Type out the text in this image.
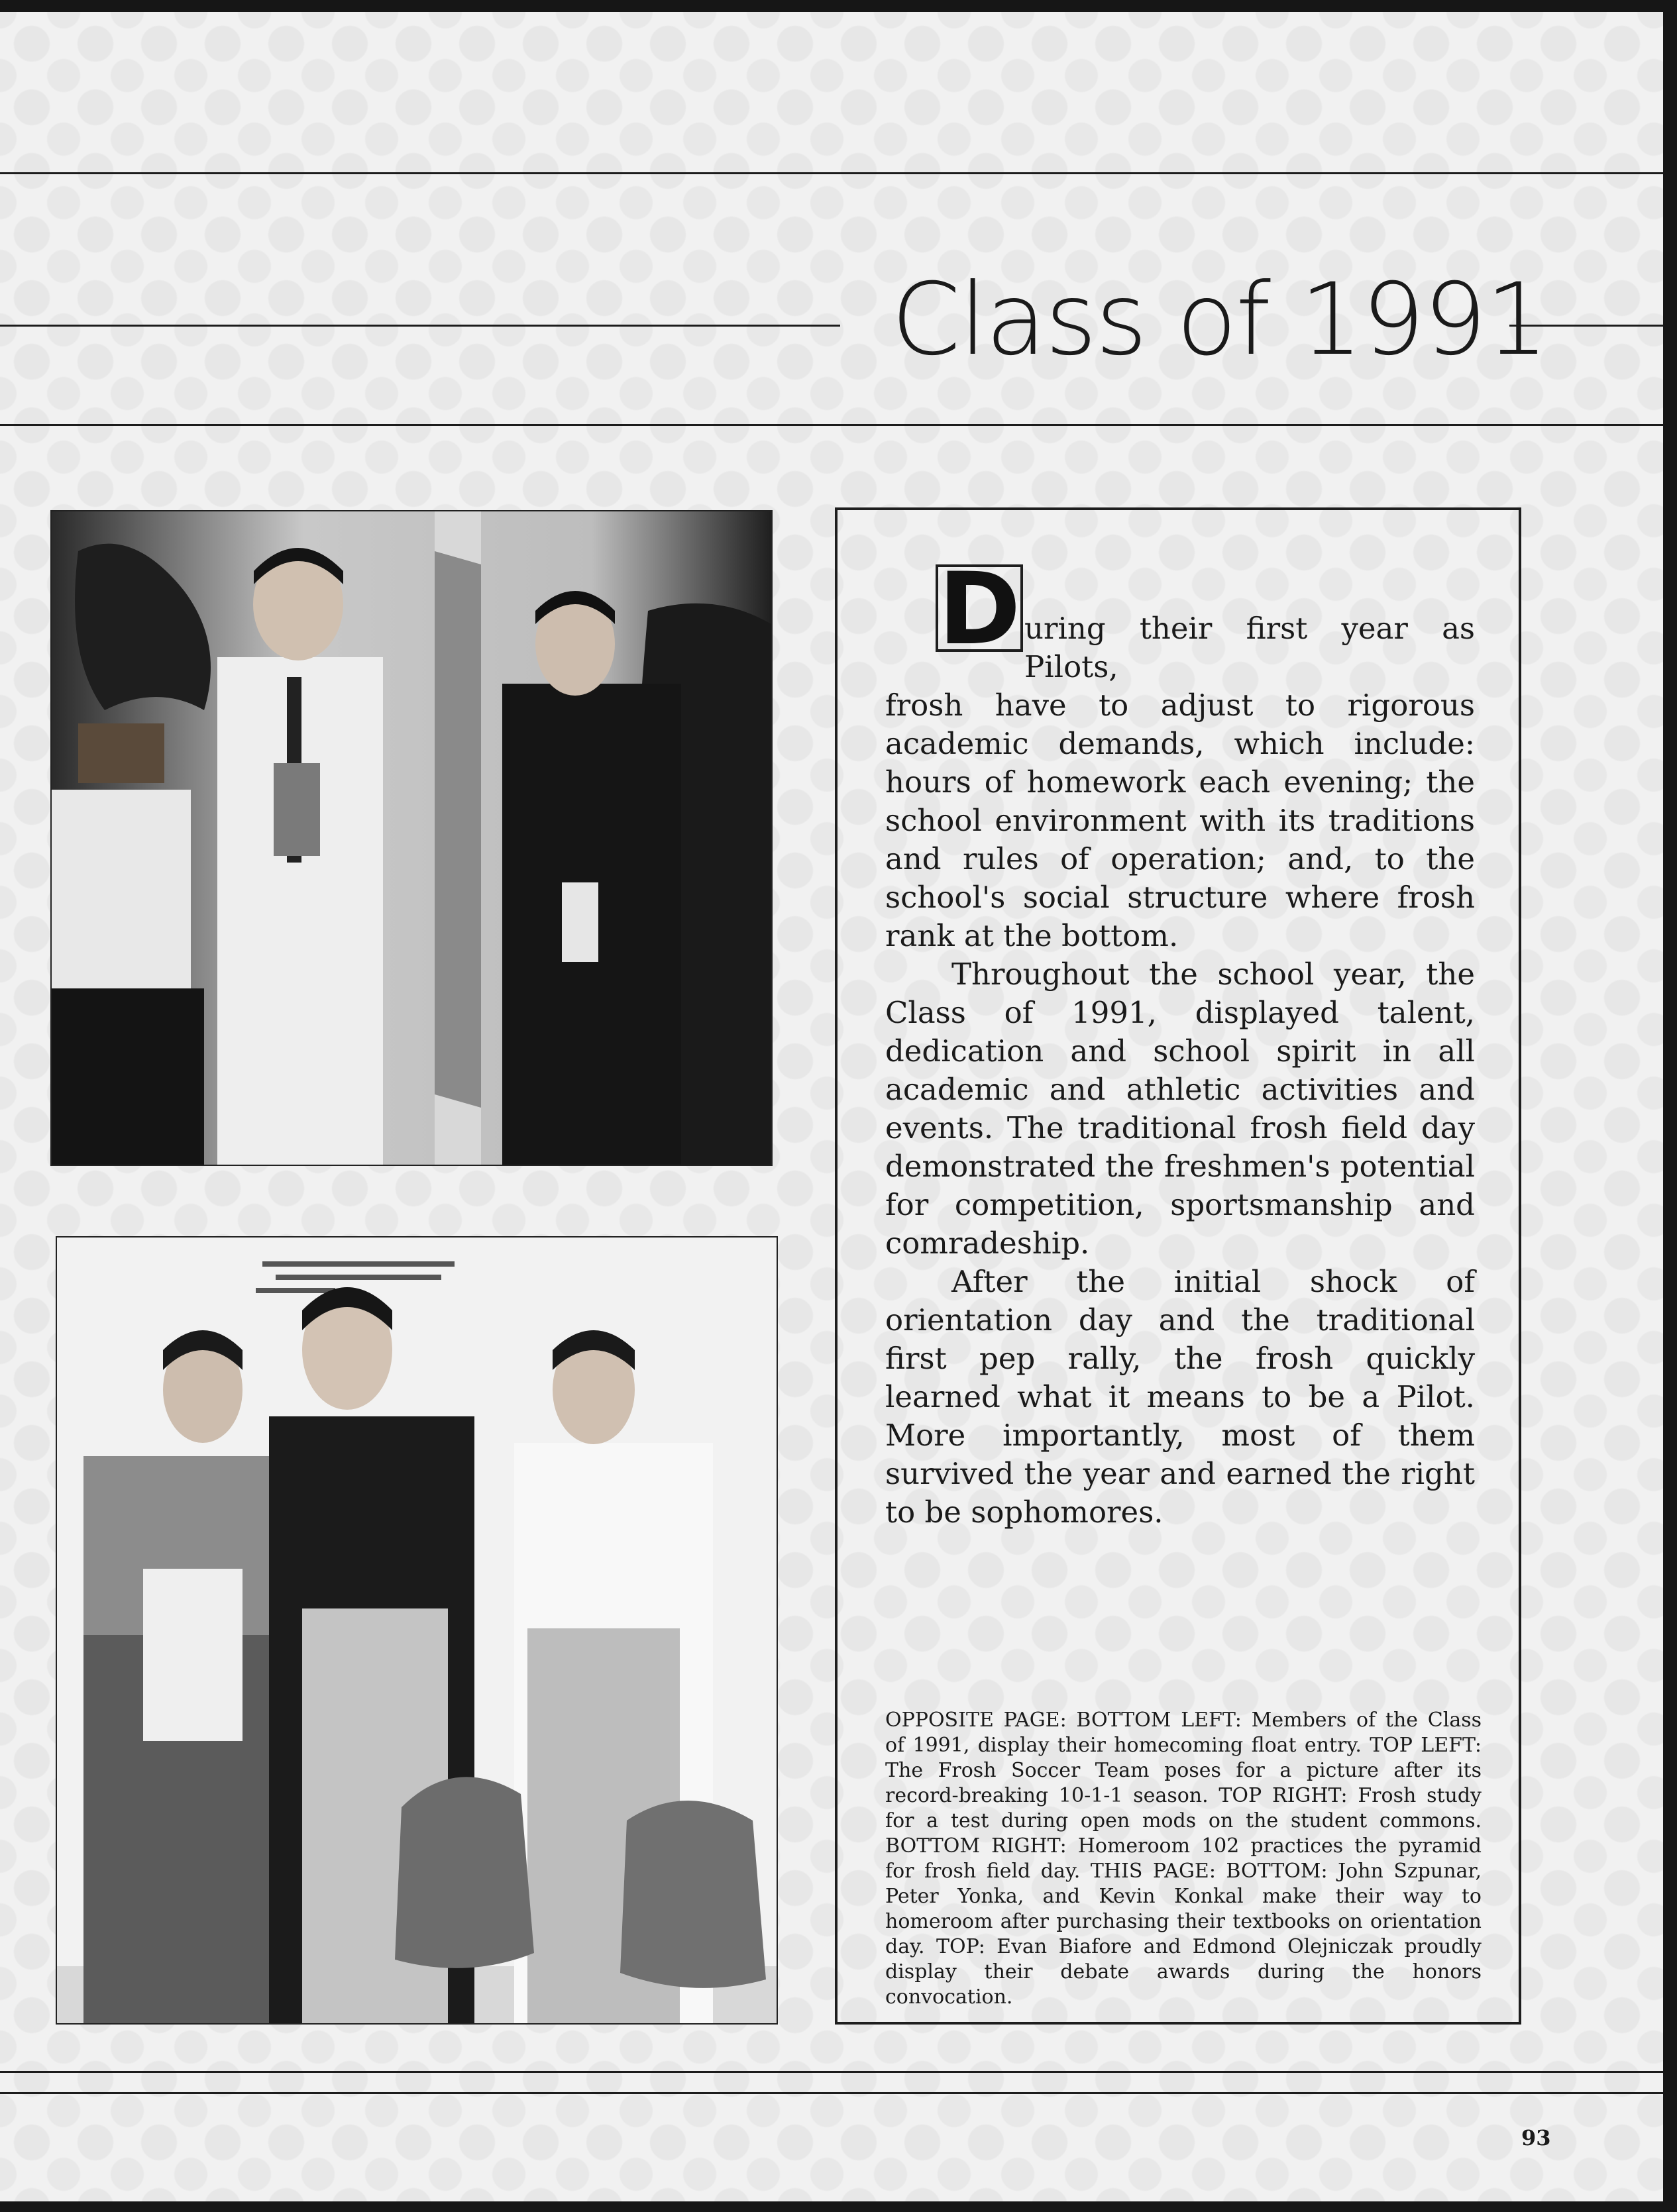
Class of 1991
D uring their first year as Pilots,
frosh have to adjust to rigorous academic demands, which include: hours of homework each evening; the school environment with its traditions and rules of operation; and, to the school's social structure where frosh rank at the bottom.

Throughout the school year, the Class of 1991, displayed talent, dedication and school spirit in all academic and athletic activities and events. The traditional frosh field day demonstrated the freshmen's potential for competition, sportsmanship and comradeship.

After the initial shock of orientation day and the traditional first pep rally, the frosh quickly learned what it means to be a Pilot. More importantly, most of them survived the year and earned the right to be sophomores.

OPPOSITE PAGE: BOTTOM LEFT: Members of the Class of 1991, display their homecoming float entry. TOP LEFT: The Frosh Soccer Team poses for a picture after its record-breaking 10-1-1 season. TOP RIGHT: Frosh study for a test during open mods on the student commons. BOTTOM RIGHT: Homeroom 102 practices the pyramid for frosh field day. THIS PAGE: BOTTOM: John Szpunar, Peter Yonka, and Kevin Konkal make their way to homeroom after purchasing their textbooks on orientation day. TOP: Evan Biafore and Edmond Olejniczak proudly display their debate awards during the honors convocation.
93
